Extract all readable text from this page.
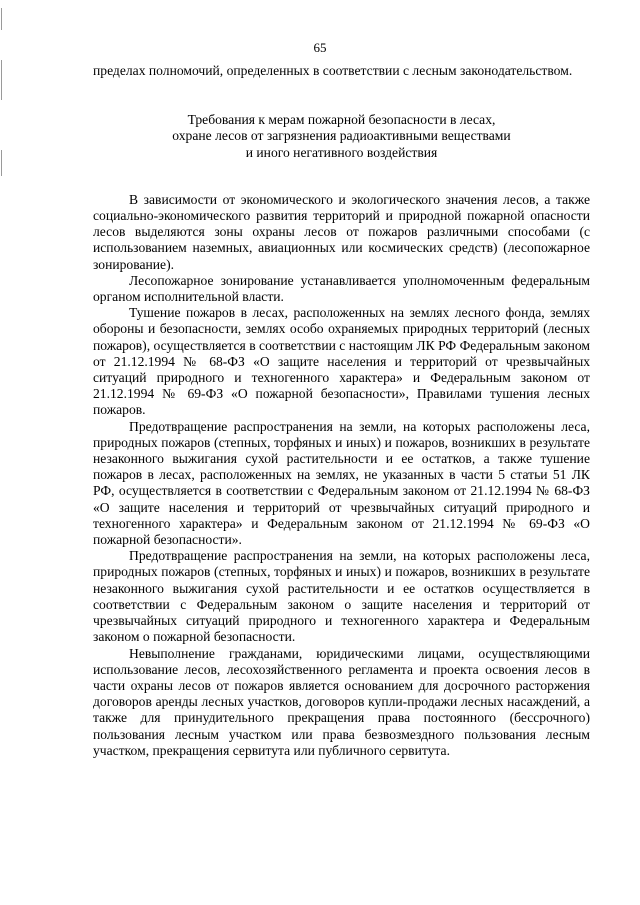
65

пределах полномочий, определенных в соответствии с лесным законодательством.

Требования к мерам пожарной безопасности в лесах,
охране лесов от загрязнения радиоактивными веществами
и иного негативного воздействия

В зависимости от экономического и экологического значения лесов, а также социально-экономического развития территорий и природной пожарной опасности лесов выделяются зоны охраны лесов от пожаров различными способами (с использованием наземных, авиационных или космических средств) (лесопожарное зонирование).

Лесопожарное зонирование устанавливается уполномоченным федеральным органом исполнительной власти.

Тушение пожаров в лесах, расположенных на землях лесного фонда, землях обороны и безопасности, землях особо охраняемых природных территорий (лесных пожаров), осуществляется в соответствии с настоящим ЛК РФ Федеральным законом от 21.12.1994 № 68-ФЗ «О защите населения и территорий от чрезвычайных ситуаций природного и техногенного характера» и Федеральным законом от 21.12.1994 № 69-ФЗ «О пожарной безопасности», Правилами тушения лесных пожаров.

Предотвращение распространения на земли, на которых расположены леса, природных пожаров (степных, торфяных и иных) и пожаров, возникших в результате незаконного выжигания сухой растительности и ее остатков, а также тушение пожаров в лесах, расположенных на землях, не указанных в части 5 статьи 51 ЛК РФ, осуществляется в соответствии с Федеральным законом от 21.12.1994 № 68-ФЗ «О защите населения и территорий от чрезвычайных ситуаций природного и техногенного характера» и Федеральным законом от 21.12.1994 № 69-ФЗ «О пожарной безопасности».

Предотвращение распространения на земли, на которых расположены леса, природных пожаров (степных, торфяных и иных) и пожаров, возникших в результате незаконного выжигания сухой растительности и ее остатков осуществляется в соответствии с Федеральным законом о защите населения и территорий от чрезвычайных ситуаций природного и техногенного характера и Федеральным законом о пожарной безопасности.

Невыполнение гражданами, юридическими лицами, осуществляющими использование лесов, лесохозяйственного регламента и проекта освоения лесов в части охраны лесов от пожаров является основанием для досрочного расторжения договоров аренды лесных участков, договоров купли-продажи лесных насаждений, а также для принудительного прекращения права постоянного (бессрочного) пользования лесным участком или права безвозмездного пользования лесным участком, прекращения сервитута или публичного сервитута.
